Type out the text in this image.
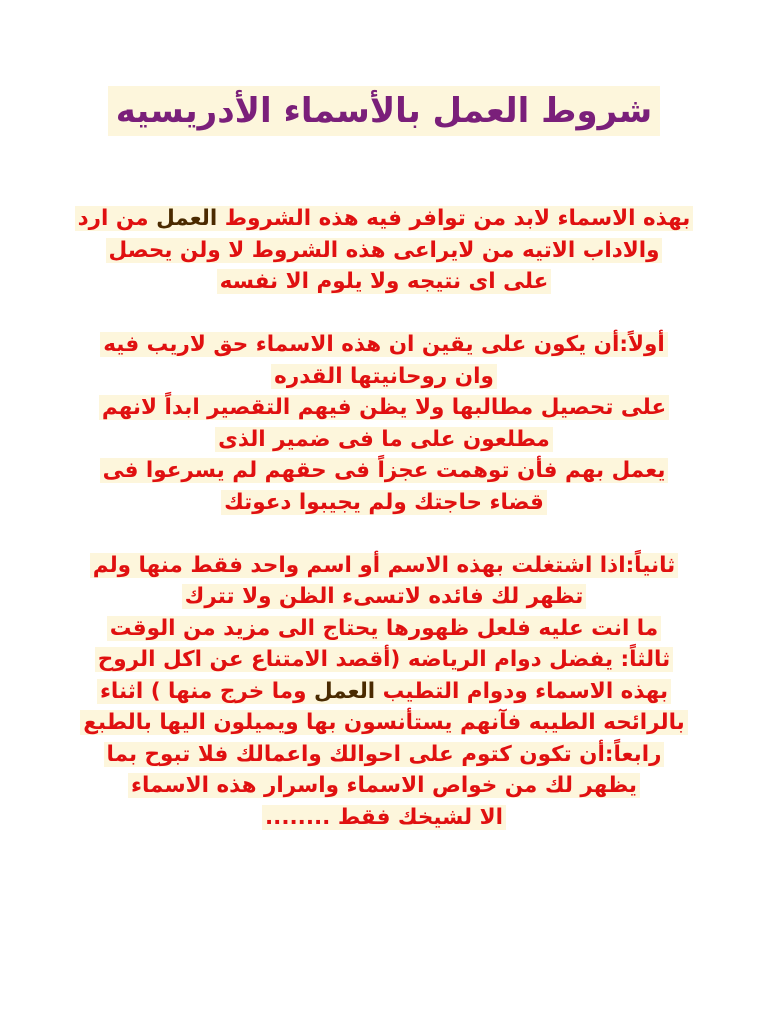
شروط العمل بالأسماء الأدريسيه
بهذه الاسماء لابد من توافر فيه هذه الشروط العمل من ارد
والاداب الاتيه من لايراعى هذه الشروط لا ولن يحصل
على اى نتيجه ولا يلوم الا نفسه
أولاً:أن يكون على يقين ان هذه الاسماء حق لاريب فيه
وان روحانيتها القدره
على تحصيل مطالبها ولا يظن فيهم التقصير ابداً لانهم
مطلعون على ما فى ضمير الذى
يعمل بهم فأن توهمت عجزاً فى حقهم لم يسرعوا فى
قضاء حاجتك ولم يجيبوا دعوتك
ثانياً:اذا اشتغلت بهذه الاسم أو اسم واحد فقط منها ولم
تظهر لك فائده لاتسىء الظن ولا تترك
ما انت عليه فلعل ظهورها يحتاج الى مزيد من الوقت
ثالثاً: يفضل دوام الرياضه (أقصد الامتناع عن اكل الروح
بهذه الاسماء ودوام التطيب العمل وما خرج منها ) اثناء
بالرائحه الطيبه فآنهم يستأنسون بها ويميلون اليها بالطبع
رابعاً:أن تكون كتوم على احوالك واعمالك فلا تبوح بما
يظهر لك من خواص الاسماء واسرار هذه الاسماء
الا لشيخك فقط ........
